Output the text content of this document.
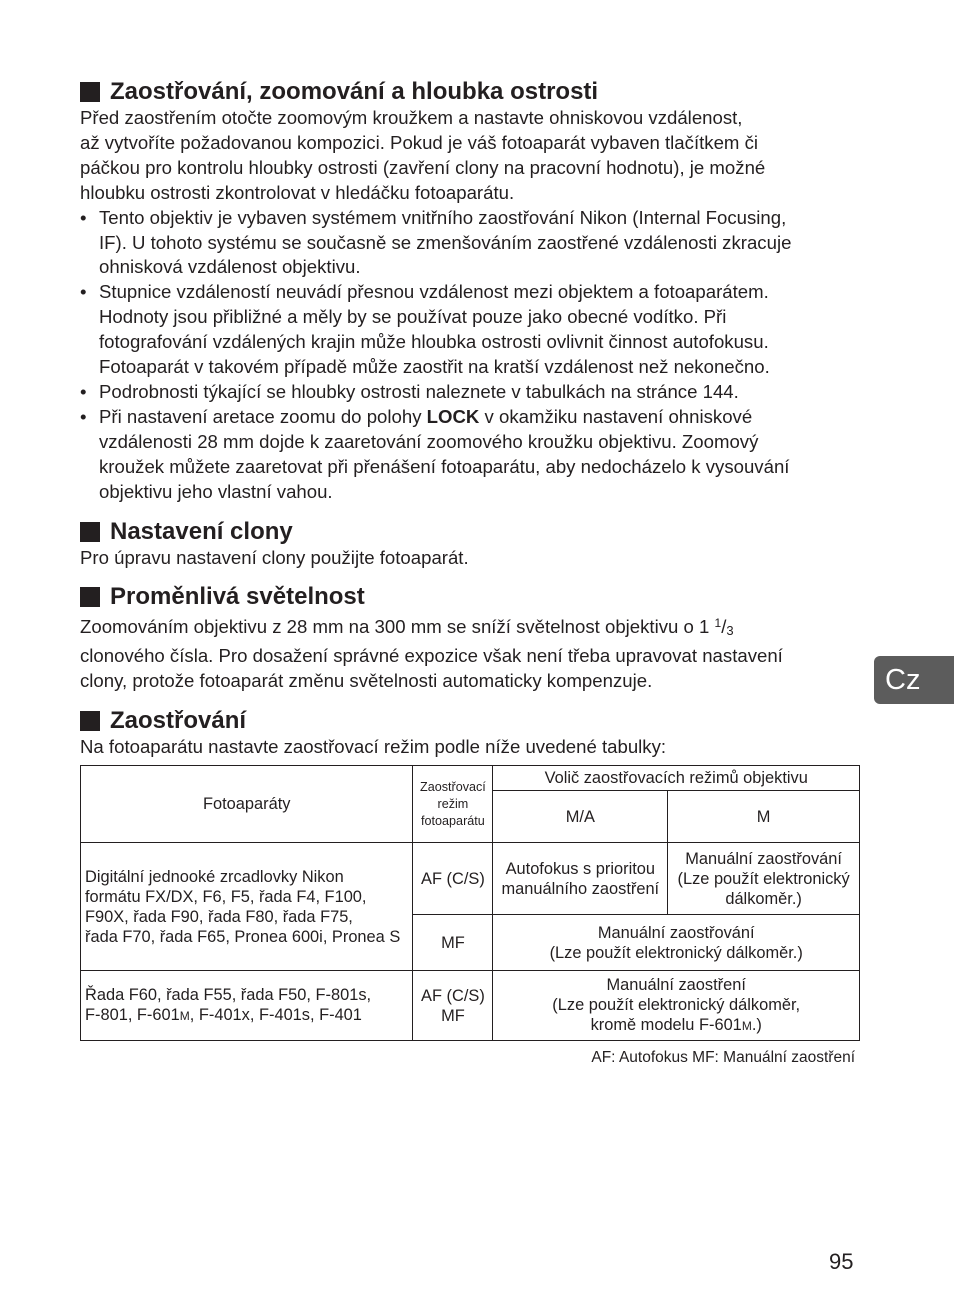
Zaostřování, zoomování a hloubka ostrosti

Před zaostřením otočte zoomovým kroužkem a nastavte ohniskovou vzdálenost,
až vytvoříte požadovanou kompozici. Pokud je váš fotoaparát vybaven tlačítkem či
páčkou pro kontrolu hloubky ostrosti (zavření clony na pracovní hodnotu), je možné
hloubku ostrosti zkontrolovat v hledáčku fotoaparátu.

• Tento objektiv je vybaven systémem vnitřního zaostřování Nikon (Internal Focusing,
IF). U tohoto systému se současně se zmenšováním zaostřené vzdálenosti zkracuje
ohnisková vzdálenost objektivu.
• Stupnice vzdáleností neuvádí přesnou vzdálenost mezi objektem a fotoaparátem.
Hodnoty jsou přibližné a měly by se používat pouze jako obecné vodítko. Při
fotografování vzdálených krajin může hloubka ostrosti ovlivnit činnost autofokusu.
Fotoaparát v takovém případě může zaostřit na kratší vzdálenost než nekonečno.
• Podrobnosti týkající se hloubky ostrosti naleznete v tabulkách na stránce 144.
• Při nastavení aretace zoomu do polohy LOCK v okamžiku nastavení ohniskové
vzdálenosti 28 mm dojde k zaaretování zoomového kroužku objektivu. Zoomový
kroužek můžete zaaretovat při přenášení fotoaparátu, aby nedocházelo k vysouvání
objektivu jeho vlastní vahou.
Nastavení clony

Pro úpravu nastavení clony použijte fotoaparát.

Proměnlivá světelnost

Zoomováním objektivu z 28 mm na 300 mm se sníží světelnost objektivu o 1 $^1$/3
clonového čísla. Pro dosažení správné expozice však není třeba upravovat nastavení
clony, protože fotoaparát změnu světelnosti automaticky kompenzuje.

Zaostřování

Na fotoaparátu nastavte zaostřovací režim podle níže uvedené tabulky:

Fotoaparáty	Zaostřovací
režim
fotoaparátu	Volič zaostřovacích režimů objektivu	
		M/A	M
Digitální jednooké zrcadlovky Nikon
formátu FX/DX, F6, F5, řada F4, F100,
F90X, řada F90, řada F80, řada F75,
řada F70, řada F65, Pronea 600i, Pronea S	AF (C/S)	Autofokus s prioritou
manuálního zaostření	Manuální zaostřování
(Lze použít elektronický
dálkoměr.)
	MF	Manuální zaostřování
(Lze použít elektronický dálkoměr.)	
Řada F60, řada F55, řada F50, F-801s,
F-801, F-601M, F-401x, F-401s, F-401	AF (C/S)
MF	Manuální zaostření
(Lze použít elektronický dálkoměr,
kromě modelu F-601M.)	
AF: Autofokus MF: Manuální zaostření
Cz
95
